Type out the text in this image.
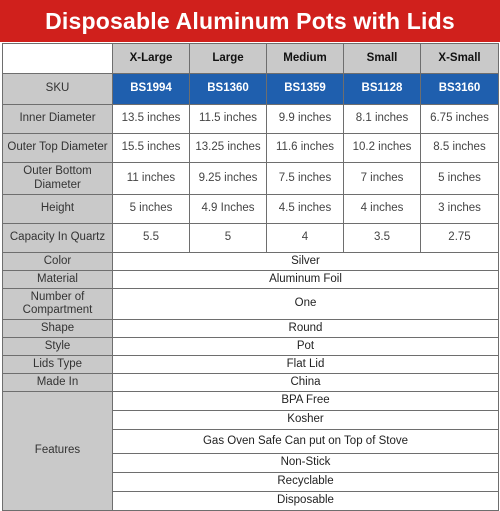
Disposable Aluminum Pots with Lids
	X-Large	Large	Medium	Small	X-Small
SKU	BS1994	BS1360	BS1359	BS1128	BS3160
Inner Diameter	13.5 inches	11.5 inches	9.9 inches	8.1 inches	6.75 inches
Outer Top Diameter	15.5 inches	13.25 inches	11.6 inches	10.2 inches	8.5 inches
Outer Bottom Diameter	11 inches	9.25 inches	7.5 inches	7 inches	5 inches
Height	5 inches	4.9 Inches	4.5 inches	4 inches	3 inches
Capacity In Quartz	5.5	5	4	3.5	2.75
Color	Silver				
Material	Aluminum Foil				
Number of Compartment	One				
Shape	Round				
Style	Pot				
Lids Type	Flat Lid				
Made In	China				
Features	BPA Free				
	Kosher				
	Gas Oven Safe Can put on Top of Stove				
	Non-Stick				
	Recyclable				
	Disposable				
